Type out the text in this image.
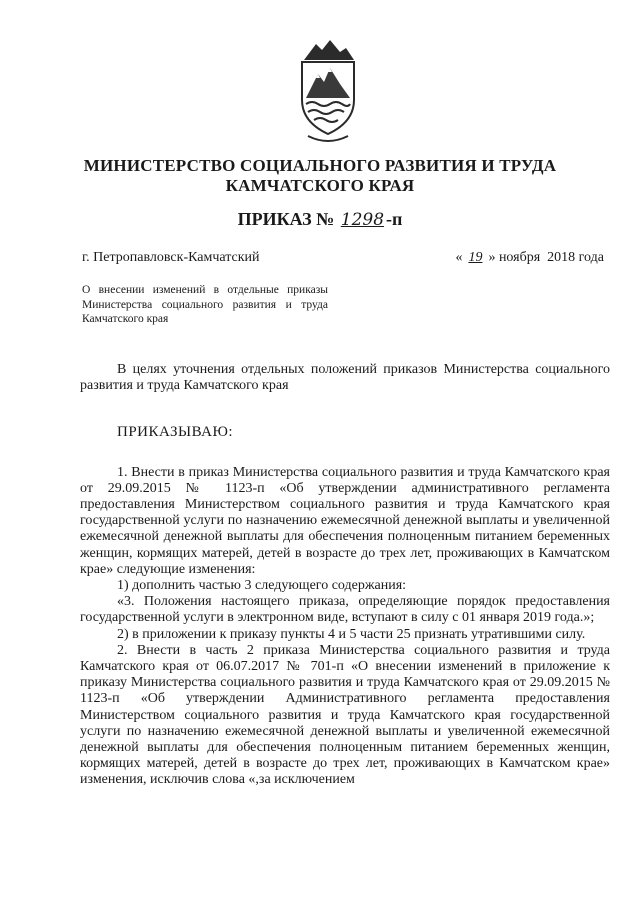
МИНИСТЕРСТВО СОЦИАЛЬНОГО РАЗВИТИЯ И ТРУДА
КАМЧАТСКОГО КРАЯ
ПРИКАЗ № 1298 -п
г. Петропавловск-Камчатский	« 19 » ноября  2018 года
О внесении изменений в отдельные приказы Министерства социального развития и труда Камчатского края

В целях уточнения отдельных положений приказов Министерства социального развития и труда Камчатского края

ПРИКАЗЫВАЮ:

1. Внести в приказ Министерства социального развития и труда Камчатского края от 29.09.2015 № 1123-п «Об утверждении административного регламента предоставления Министерством социального развития и труда Камчатского края государственной услуги по назначению ежемесячной денежной выплаты и увеличенной ежемесячной денежной выплаты для обеспечения полноценным питанием беременных женщин, кормящих матерей, детей в возрасте до трех лет, проживающих в Камчатском крае» следующие изменения:

1) дополнить частью 3 следующего содержания:

«3. Положения настоящего приказа, определяющие порядок предоставления государственной услуги в электронном виде, вступают в силу с 01 января 2019 года.»;

2) в приложении к приказу пункты 4 и 5 части 25 признать утратившими силу.

2. Внести в часть 2 приказа Министерства социального развития и труда Камчатского края от 06.07.2017 № 701-п «О внесении изменений в приложение к приказу Министерства социального развития и труда Камчатского края от 29.09.2015 № 1123-п «Об утверждении Административного регламента предоставления Министерством социального развития и труда Камчатского края государственной услуги по назначению ежемесячной денежной выплаты и увеличенной ежемесячной денежной выплаты для обеспечения полноценным питанием беременных женщин, кормящих матерей, детей в возрасте до трех лет, проживающих в Камчатском крае» изменения, исключив слова «,за исключением
